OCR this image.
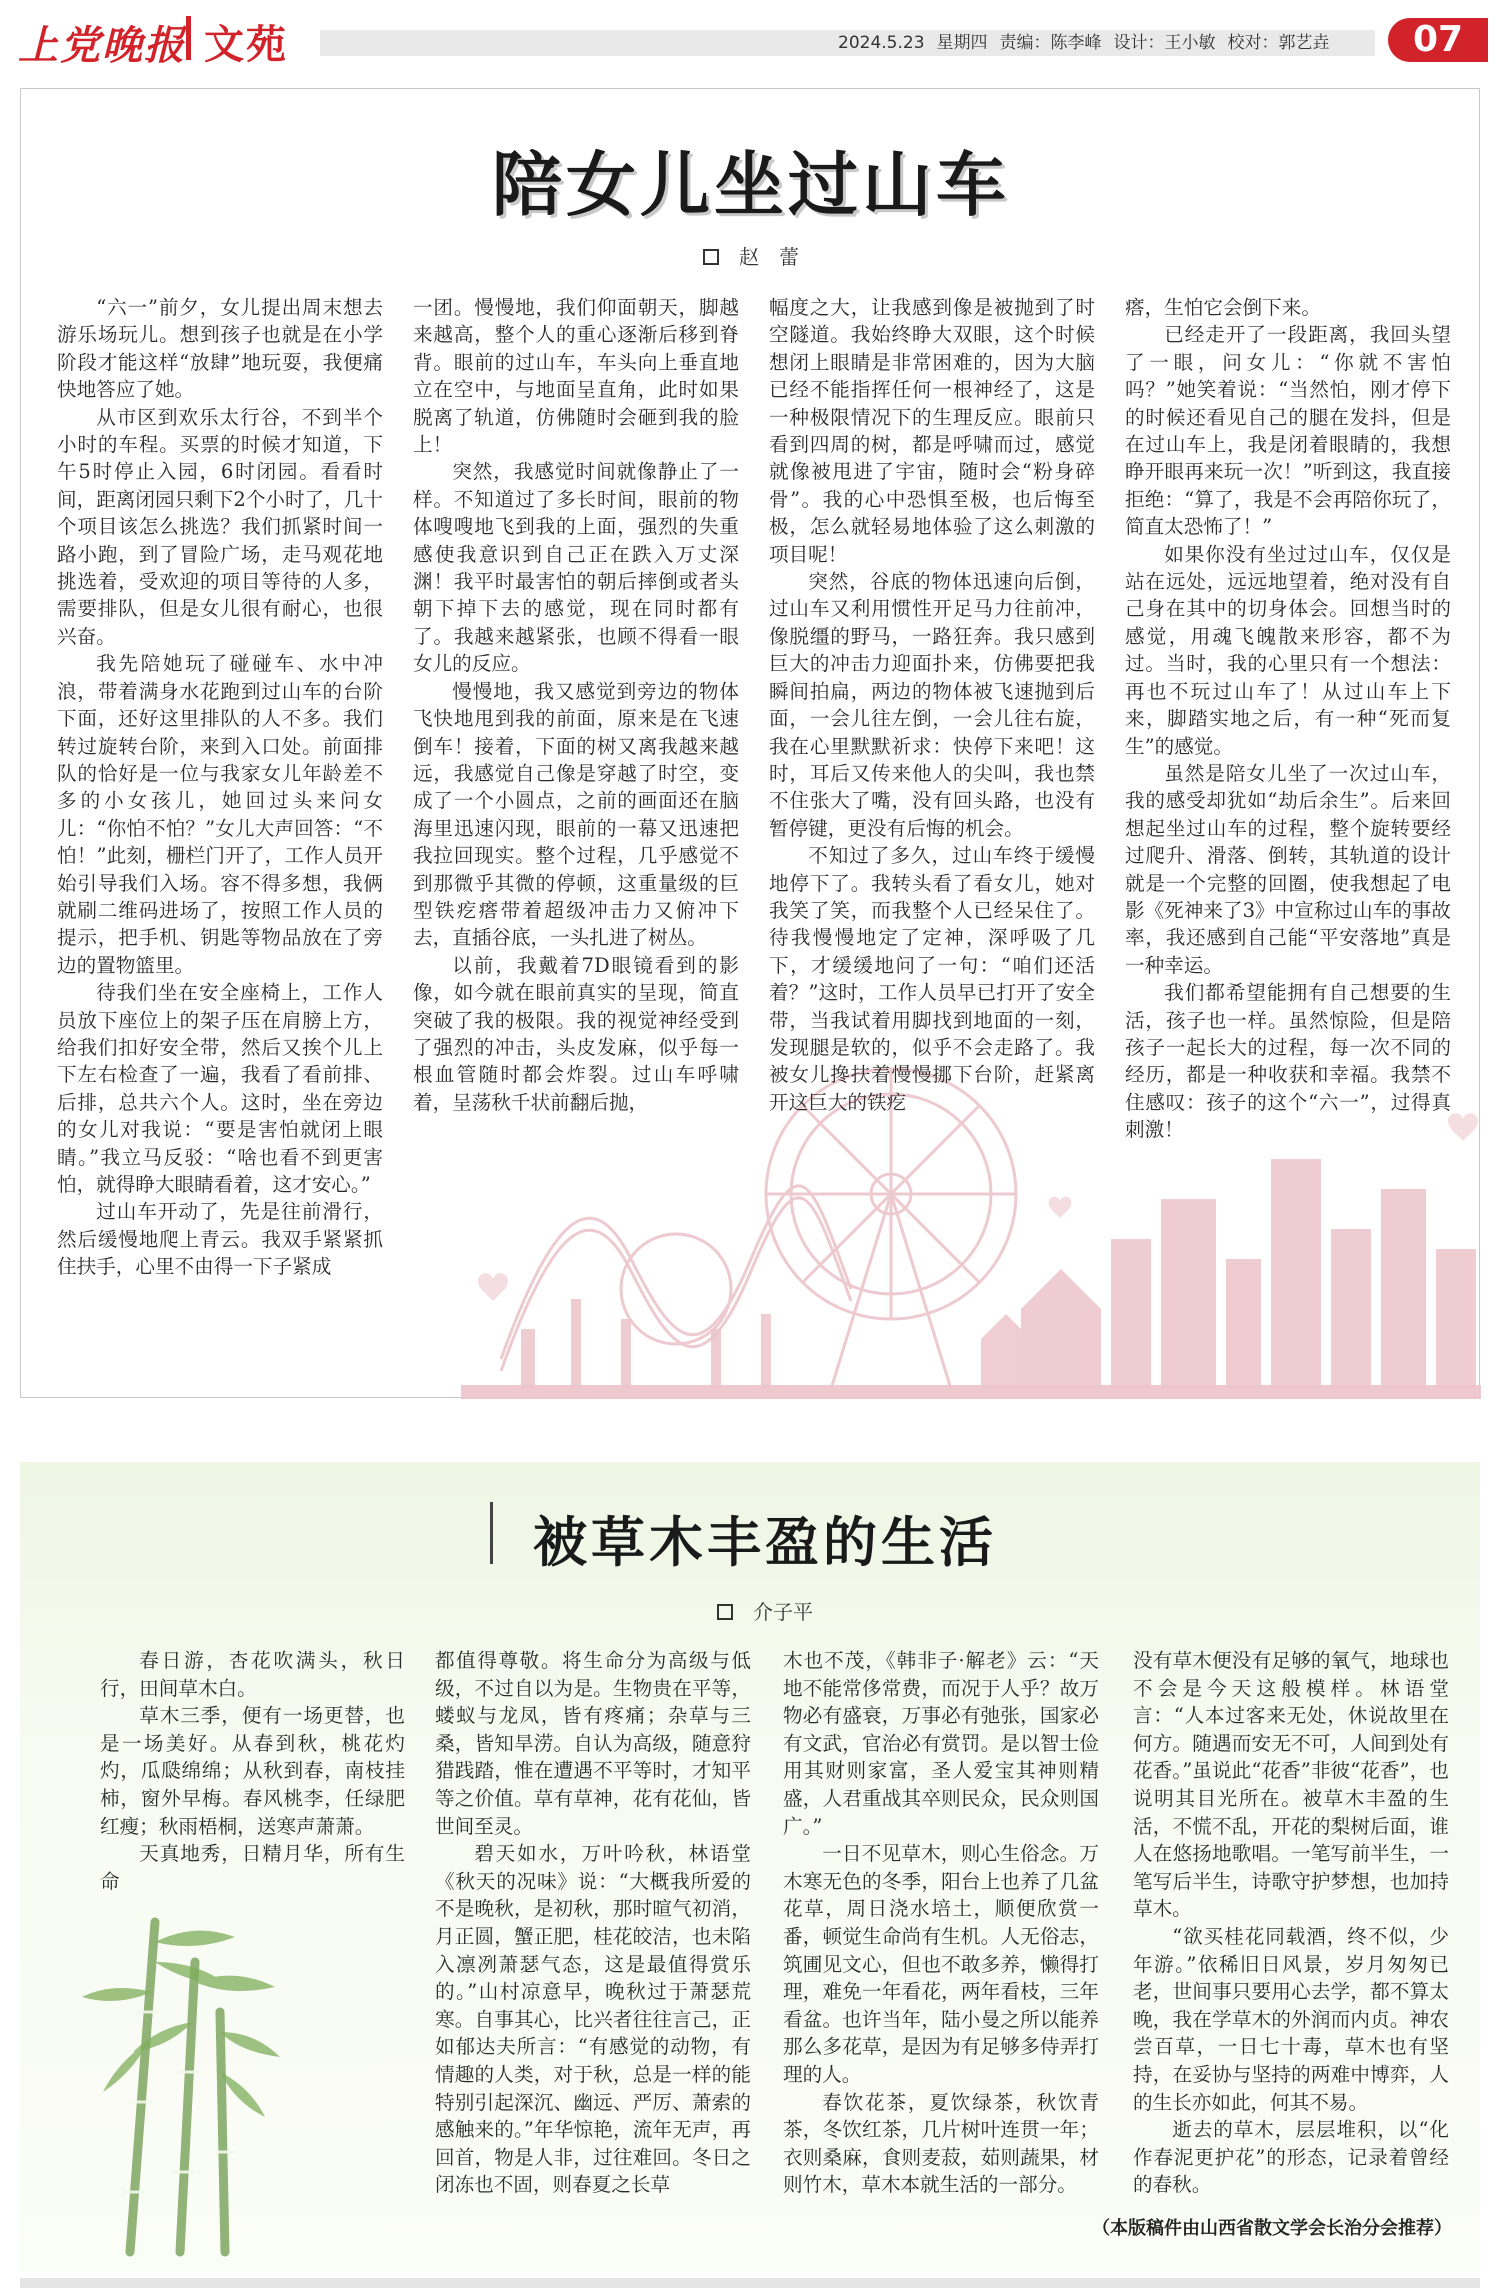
上党晚报 文苑	2024.5.23 星期四 责编：陈李峰 设计：王小敏 校对：郭艺垚	07
陪女儿坐过山车
赵　蕾

“六一”前夕，女儿提出周末想去游乐场玩儿。想到孩子也就是在小学阶段才能这样“放肆”地玩耍，我便痛快地答应了她。

从市区到欢乐太行谷，不到半个小时的车程。买票的时候才知道，下午5时停止入园，6时闭园。看看时间，距离闭园只剩下2个小时了，几十个项目该怎么挑选？我们抓紧时间一路小跑，到了冒险广场，走马观花地挑选着，受欢迎的项目等待的人多，需要排队，但是女儿很有耐心，也很兴奋。

我先陪她玩了碰碰车、水中冲浪，带着满身水花跑到过山车的台阶下面，还好这里排队的人不多。我们转过旋转台阶，来到入口处。前面排队的恰好是一位与我家女儿年龄差不多的小女孩儿，她回过头来问女儿：“你怕不怕？”女儿大声回答：“不怕！”此刻，栅栏门开了，工作人员开始引导我们入场。容不得多想，我俩就刷二维码进场了，按照工作人员的提示，把手机、钥匙等物品放在了旁边的置物篮里。

待我们坐在安全座椅上，工作人员放下座位上的架子压在肩膀上方，给我们扣好安全带，然后又挨个儿上下左右检查了一遍，我看了看前排、后排，总共六个人。这时，坐在旁边的女儿对我说：“要是害怕就闭上眼睛。”我立马反驳：“啥也看不到更害怕，就得睁大眼睛看着，这才安心。”

过山车开动了，先是往前滑行，然后缓慢地爬上青云。我双手紧紧抓住扶手，心里不由得一下子紧成

一团。慢慢地，我们仰面朝天，脚越来越高，整个人的重心逐渐后移到脊背。眼前的过山车，车头向上垂直地立在空中，与地面呈直角，此时如果脱离了轨道，仿佛随时会砸到我的脸上！

突然，我感觉时间就像静止了一样。不知道过了多长时间，眼前的物体嗖嗖地飞到我的上面，强烈的失重感使我意识到自己正在跌入万丈深渊！我平时最害怕的朝后摔倒或者头朝下掉下去的感觉，现在同时都有了。我越来越紧张，也顾不得看一眼女儿的反应。

慢慢地，我又感觉到旁边的物体飞快地甩到我的前面，原来是在飞速倒车！接着，下面的树又离我越来越远，我感觉自己像是穿越了时空，变成了一个小圆点，之前的画面还在脑海里迅速闪现，眼前的一幕又迅速把我拉回现实。整个过程，几乎感觉不到那微乎其微的停顿，这重量级的巨型铁疙瘩带着超级冲击力又俯冲下去，直插谷底，一头扎进了树丛。

以前，我戴着7D眼镜看到的影像，如今就在眼前真实的呈现，简直突破了我的极限。我的视觉神经受到了强烈的冲击，头皮发麻，似乎每一根血管随时都会炸裂。过山车呼啸着，呈荡秋千状前翻后抛，

幅度之大，让我感到像是被抛到了时空隧道。我始终睁大双眼，这个时候想闭上眼睛是非常困难的，因为大脑已经不能指挥任何一根神经了，这是一种极限情况下的生理反应。眼前只看到四周的树，都是呼啸而过，感觉就像被甩进了宇宙，随时会“粉身碎骨”。我的心中恐惧至极，也后悔至极，怎么就轻易地体验了这么刺激的项目呢！

突然，谷底的物体迅速向后倒，过山车又利用惯性开足马力往前冲，像脱缰的野马，一路狂奔。我只感到巨大的冲击力迎面扑来，仿佛要把我瞬间拍扁，两边的物体被飞速抛到后面，一会儿往左倒，一会儿往右旋，我在心里默默祈求：快停下来吧！这时，耳后又传来他人的尖叫，我也禁不住张大了嘴，没有回头路，也没有暂停键，更没有后悔的机会。

不知过了多久，过山车终于缓慢地停下了。我转头看了看女儿，她对我笑了笑，而我整个人已经呆住了。待我慢慢地定了定神，深呼吸了几下，才缓缓地问了一句：“咱们还活着？”这时，工作人员早已打开了安全带，当我试着用脚找到地面的一刻，发现腿是软的，似乎不会走路了。我被女儿搀扶着慢慢挪下台阶，赶紧离开这巨大的铁疙

瘩，生怕它会倒下来。

已经走开了一段距离，我回头望了一眼，问女儿：“你就不害怕吗？”她笑着说：“当然怕，刚才停下的时候还看见自己的腿在发抖，但是在过山车上，我是闭着眼睛的，我想睁开眼再来玩一次！”听到这，我直接拒绝：“算了，我是不会再陪你玩了，简直太恐怖了！”

如果你没有坐过过山车，仅仅是站在远处，远远地望着，绝对没有自己身在其中的切身体会。回想当时的感觉，用魂飞魄散来形容，都不为过。当时，我的心里只有一个想法：再也不玩过山车了！从过山车上下来，脚踏实地之后，有一种“死而复生”的感觉。

虽然是陪女儿坐了一次过山车，我的感受却犹如“劫后余生”。后来回想起坐过山车的过程，整个旋转要经过爬升、滑落、倒转，其轨道的设计就是一个完整的回圈，使我想起了电影《死神来了3》中宣称过山车的事故率，我还感到自己能“平安落地”真是一种幸运。

我们都希望能拥有自己想要的生活，孩子也一样。虽然惊险，但是陪孩子一起长大的过程，每一次不同的经历，都是一种收获和幸福。我禁不住感叹：孩子的这个“六一”，过得真刺激！

被草木丰盈的生活
介子平

春日游，杏花吹满头，秋日行，田间草木白。

草木三季，便有一场更替，也是一场美好。从春到秋，桃花灼灼，瓜瓞绵绵；从秋到春，南枝挂柿，窗外早梅。春风桃李，任绿肥红瘦；秋雨梧桐，送寒声萧萧。

天真地秀，日精月华，所有生命

都值得尊敬。将生命分为高级与低级，不过自以为是。生物贵在平等，蝼蚁与龙凤，皆有疼痛；杂草与三桑，皆知旱涝。自认为高级，随意狩猎践踏，惟在遭遇不平等时，才知平等之价值。草有草神，花有花仙，皆世间至灵。

碧天如水，万叶吟秋，林语堂《秋天的况味》说：“大概我所爱的不是晚秋，是初秋，那时暄气初消，月正圆，蟹正肥，桂花皎洁，也未陷入凛冽萧瑟气态，这是最值得赏乐的。”山村凉意早，晚秋过于萧瑟荒寒。自事其心，比兴者往往言己，正如郁达夫所言：“有感觉的动物，有情趣的人类，对于秋，总是一样的能特别引起深沉、幽远、严厉、萧索的感触来的。”年华惊艳，流年无声，再回首，物是人非，过往难回。冬日之闭冻也不固，则春夏之长草

木也不茂，《韩非子·解老》云：“天地不能常侈常费，而况于人乎？故万物必有盛衰，万事必有弛张，国家必有文武，官治必有赏罚。是以智士俭用其财则家富，圣人爱宝其神则精盛，人君重战其卒则民众，民众则国广。”

一日不见草木，则心生俗念。万木寒无色的冬季，阳台上也养了几盆花草，周日浇水培土，顺便欣赏一番，顿觉生命尚有生机。人无俗志，筑圃见文心，但也不敢多养，懒得打理，难免一年看花，两年看枝，三年看盆。也许当年，陆小曼之所以能养那么多花草，是因为有足够多侍弄打理的人。

春饮花茶，夏饮绿茶，秋饮青茶，冬饮红茶，几片树叶连贯一年；衣则桑麻，食则麦菽，茹则蔬果，材则竹木，草木本就生活的一部分。

没有草木便没有足够的氧气，地球也不会是今天这般模样。林语堂言：“人本过客来无处，休说故里在何方。随遇而安无不可，人间到处有花香。”虽说此“花香”非彼“花香”，也说明其目光所在。被草木丰盈的生活，不慌不乱，开花的梨树后面，谁人在悠扬地歌唱。一笔写前半生，一笔写后半生，诗歌守护梦想，也加持草木。

“欲买桂花同载酒，终不似，少年游。”依稀旧日风景，岁月匆匆已老，世间事只要用心去学，都不算太晚，我在学草木的外润而内贞。神农尝百草，一日七十毒，草木也有坚持，在妥协与坚持的两难中博弈，人的生长亦如此，何其不易。

逝去的草木，层层堆积，以“化作春泥更护花”的形态，记录着曾经的春秋。

（本版稿件由山西省散文学会长治分会推荐）
